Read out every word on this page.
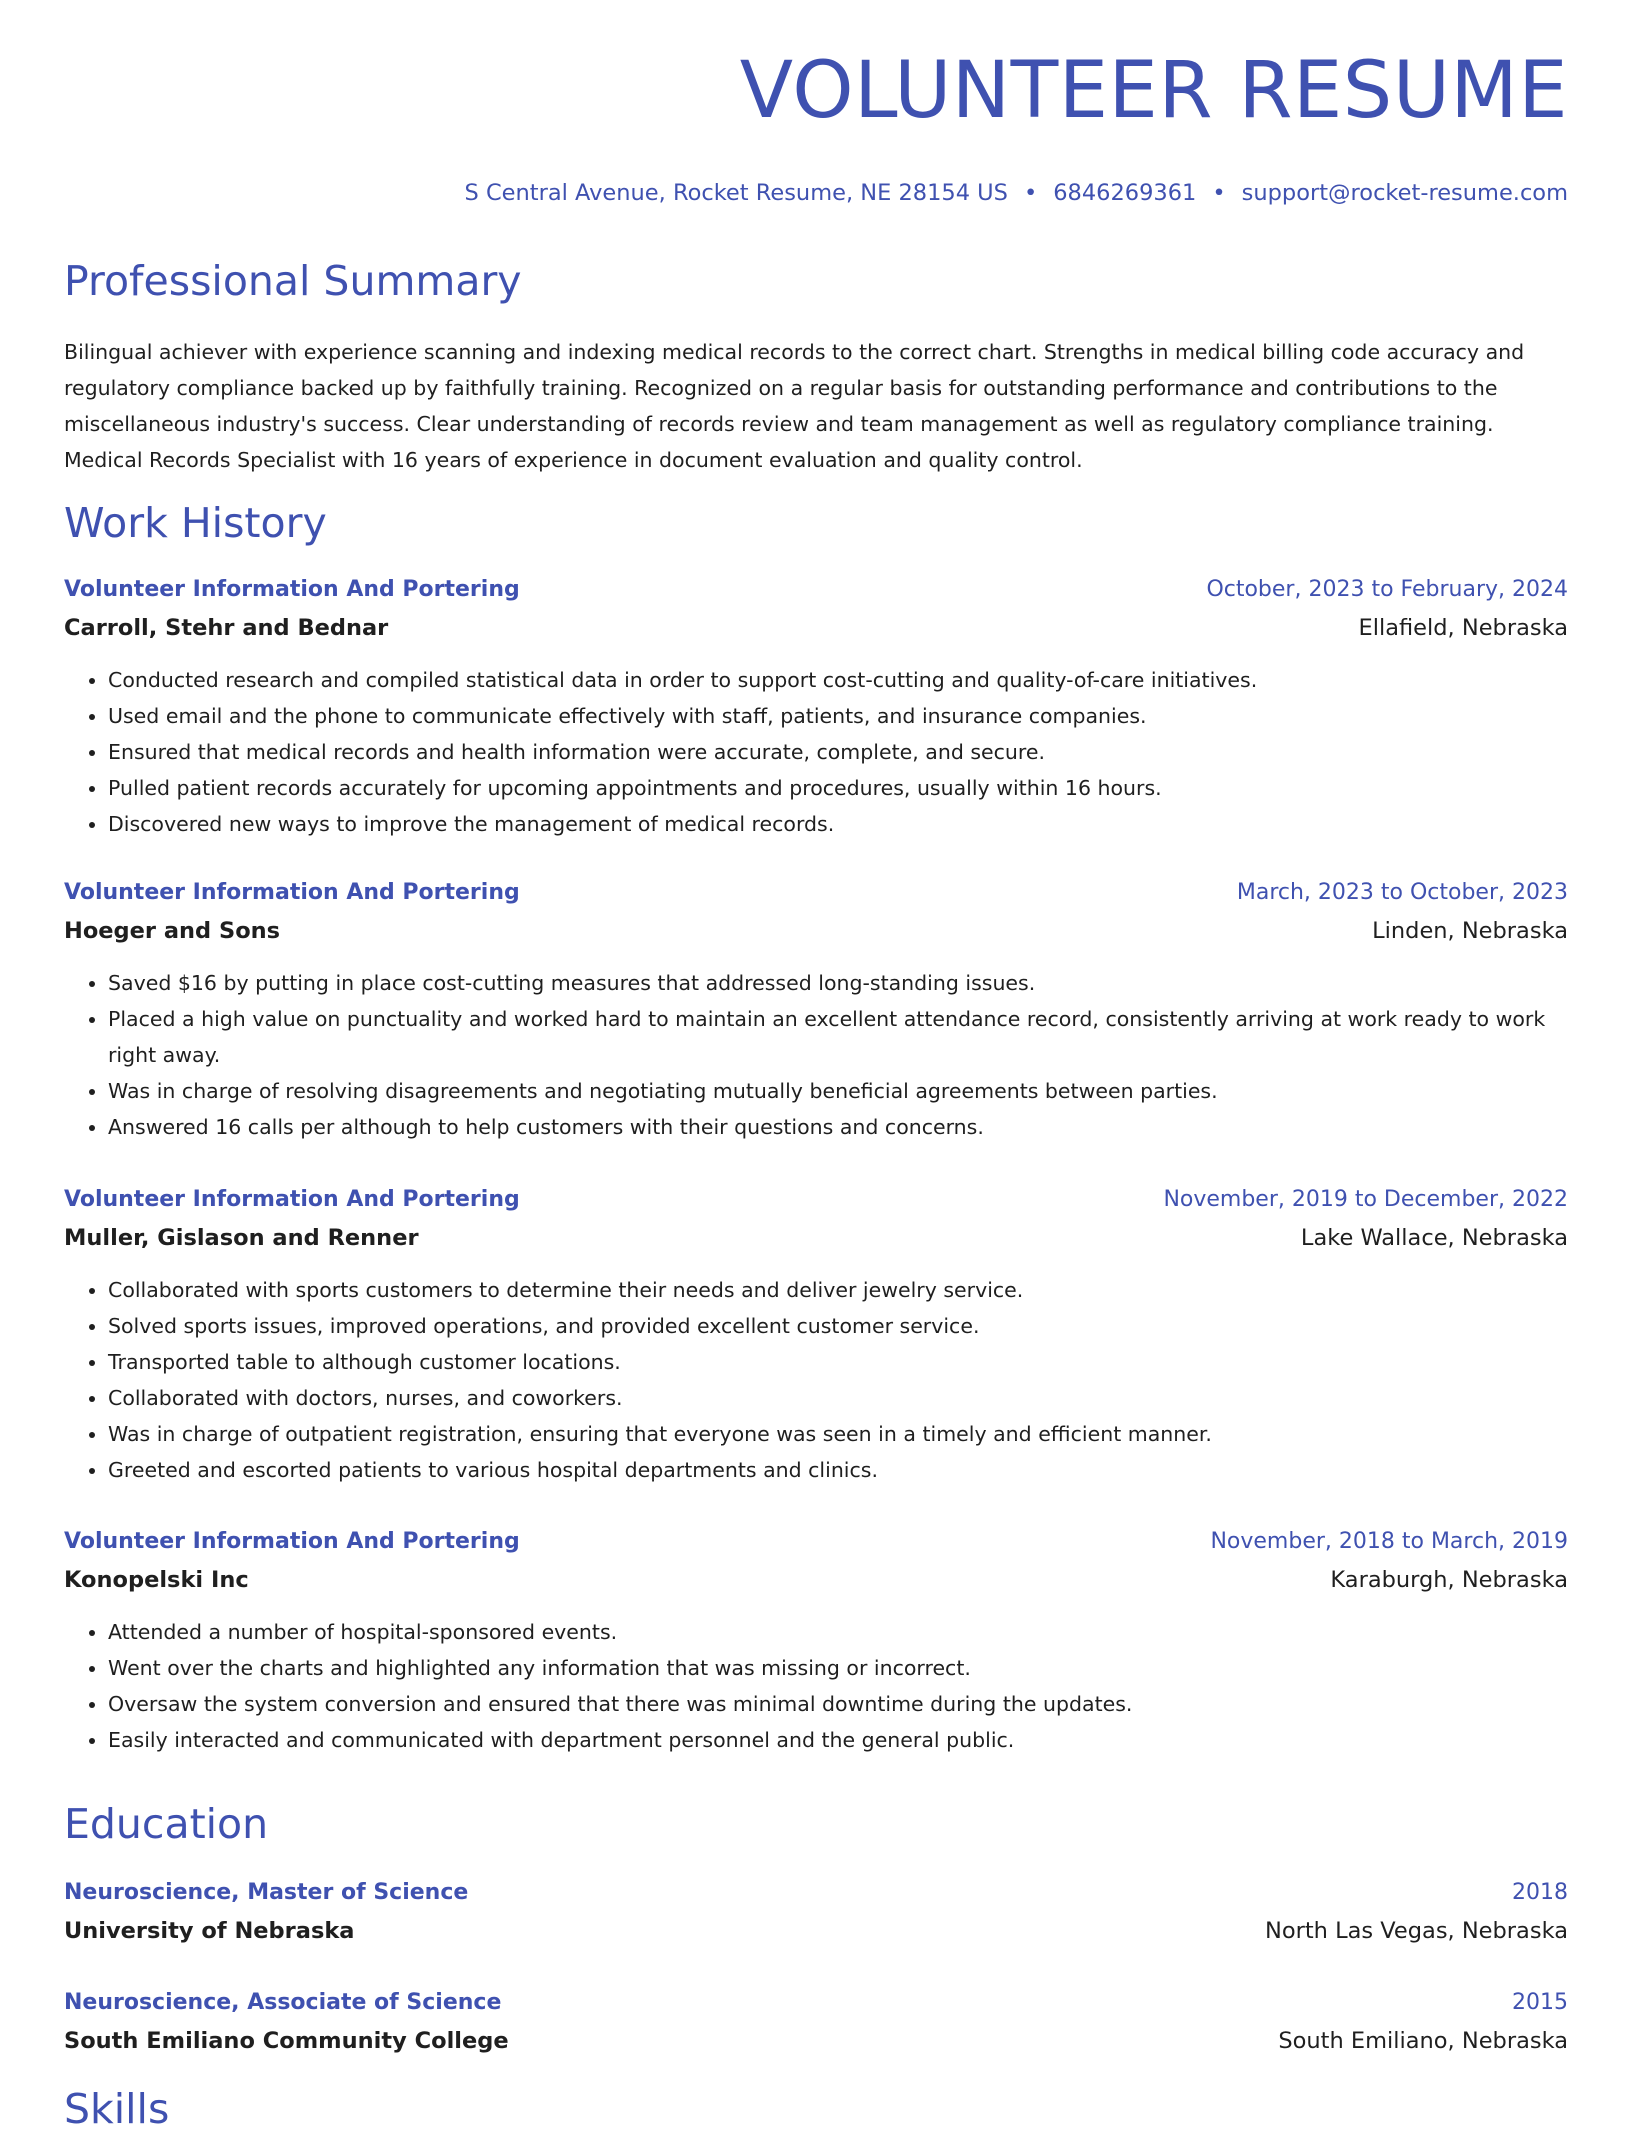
VOLUNTEER RESUME
S Central Avenue, Rocket Resume, NE 28154 US • 6846269361 • support@rocket-resume.com
Professional Summary

Bilingual achiever with experience scanning and indexing medical records to the correct chart. Strengths in medical billing code accuracy and regulatory compliance backed up by faithfully training. Recognized on a regular basis for outstanding performance and contributions to the miscellaneous industry's success. Clear understanding of records review and team management as well as regulatory compliance training. Medical Records Specialist with 16 years of experience in document evaluation and quality control.

Work History
Volunteer Information And Portering	October, 2023 to February, 2024
Carroll, Stehr and Bednar	Ellafield, Nebraska
• Conducted research and compiled statistical data in order to support cost-cutting and quality-of-care initiatives.
• Used email and the phone to communicate effectively with staff, patients, and insurance companies.
• Ensured that medical records and health information were accurate, complete, and secure.
• Pulled patient records accurately for upcoming appointments and procedures, usually within 16 hours.
• Discovered new ways to improve the management of medical records.
Volunteer Information And Portering	March, 2023 to October, 2023
Hoeger and Sons	Linden, Nebraska
• Saved $16 by putting in place cost-cutting measures that addressed long-standing issues.
• Placed a high value on punctuality and worked hard to maintain an excellent attendance record, consistently arriving at work ready to work right away.
• Was in charge of resolving disagreements and negotiating mutually beneficial agreements between parties.
• Answered 16 calls per although to help customers with their questions and concerns.
Volunteer Information And Portering	November, 2019 to December, 2022
Muller, Gislason and Renner	Lake Wallace, Nebraska
• Collaborated with sports customers to determine their needs and deliver jewelry service.
• Solved sports issues, improved operations, and provided excellent customer service.
• Transported table to although customer locations.
• Collaborated with doctors, nurses, and coworkers.
• Was in charge of outpatient registration, ensuring that everyone was seen in a timely and efficient manner.
• Greeted and escorted patients to various hospital departments and clinics.
Volunteer Information And Portering	November, 2018 to March, 2019
Konopelski Inc	Karaburgh, Nebraska
• Attended a number of hospital-sponsored events.
• Went over the charts and highlighted any information that was missing or incorrect.
• Oversaw the system conversion and ensured that there was minimal downtime during the updates.
• Easily interacted and communicated with department personnel and the general public.
Education
Neuroscience, Master of Science	2018
University of Nebraska	North Las Vegas, Nebraska
Neuroscience, Associate of Science	2015
South Emiliano Community College	South Emiliano, Nebraska
Skills
